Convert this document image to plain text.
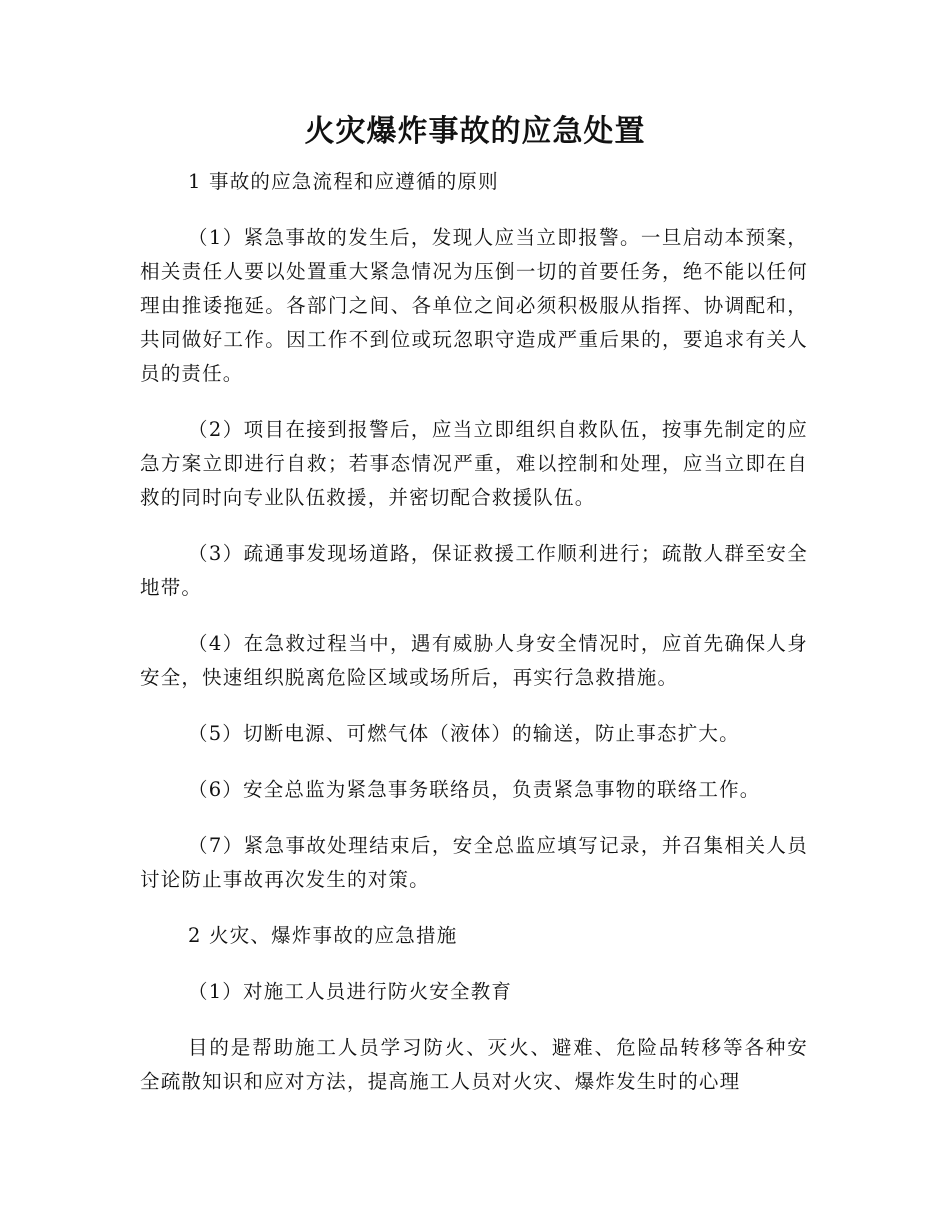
火灾爆炸事故的应急处置

1 事故的应急流程和应遵循的原则

（1）紧急事故的发生后，发现人应当立即报警。一旦启动本预案，相关责任人要以处置重大紧急情况为压倒一切的首要任务，绝不能以任何理由推诿拖延。各部门之间、各单位之间必须积极服从指挥、协调配和，共同做好工作。因工作不到位或玩忽职守造成严重后果的，要追求有关人员的责任。

（2）项目在接到报警后，应当立即组织自救队伍，按事先制定的应急方案立即进行自救；若事态情况严重，难以控制和处理，应当立即在自救的同时向专业队伍救援，并密切配合救援队伍。

（3）疏通事发现场道路，保证救援工作顺利进行；疏散人群至安全地带。

（4）在急救过程当中，遇有威胁人身安全情况时，应首先确保人身安全，快速组织脱离危险区域或场所后，再实行急救措施。

（5）切断电源、可燃气体（液体）的输送，防止事态扩大。

（6）安全总监为紧急事务联络员，负责紧急事物的联络工作。

（7）紧急事故处理结束后，安全总监应填写记录，并召集相关人员讨论防止事故再次发生的对策。

2 火灾、爆炸事故的应急措施

（1）对施工人员进行防火安全教育

目的是帮助施工人员学习防火、灭火、避难、危险品转移等各种安全疏散知识和应对方法，提高施工人员对火灾、爆炸发生时的心理
